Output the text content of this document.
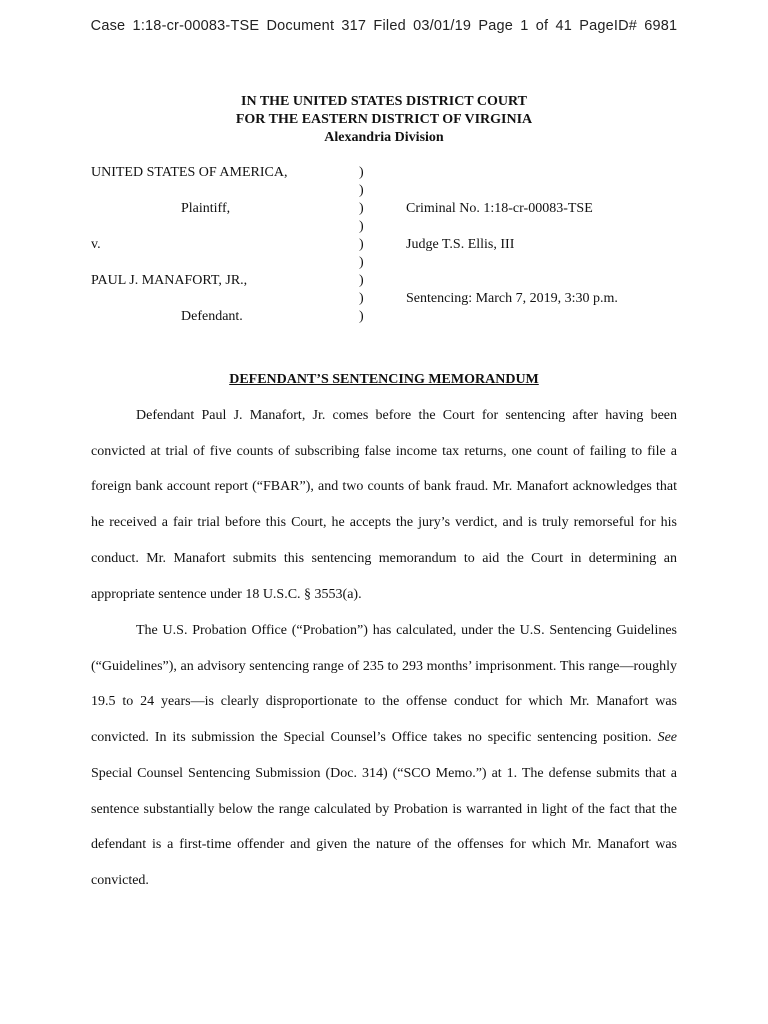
Case 1:18-cr-00083-TSE Document 317 Filed 03/01/19 Page 1 of 41 PageID# 6981
IN THE UNITED STATES DISTRICT COURT
FOR THE EASTERN DISTRICT OF VIRGINIA
Alexandria Division
UNITED STATES OF AMERICA,
Plaintiff,
v.
PAUL J. MANAFORT, JR.,
Defendant.
)
)
)
)
)
)
)
)
)
Criminal No. 1:18-cr-00083-TSE
Judge T.S. Ellis, III
Sentencing: March 7, 2019, 3:30 p.m.
DEFENDANT’S SENTENCING MEMORANDUM

Defendant Paul J. Manafort, Jr. comes before the Court for sentencing after having been convicted at trial of five counts of subscribing false income tax returns, one count of failing to file a foreign bank account report (“FBAR”), and two counts of bank fraud. Mr. Manafort acknowledges that he received a fair trial before this Court, he accepts the jury’s verdict, and is truly remorseful for his conduct. Mr. Manafort submits this sentencing memorandum to aid the Court in determining an appropriate sentence under 18 U.S.C. § 3553(a).

The U.S. Probation Office (“Probation”) has calculated, under the U.S. Sentencing Guidelines (“Guidelines”), an advisory sentencing range of 235 to 293 months’ imprisonment. This range—roughly 19.5 to 24 years—is clearly disproportionate to the offense conduct for which Mr. Manafort was convicted. In its submission the Special Counsel’s Office takes no specific sentencing position. See Special Counsel Sentencing Submission (Doc. 314) (“SCO Memo.”) at 1. The defense submits that a sentence substantially below the range calculated by Probation is warranted in light of the fact that the defendant is a first-time offender and given the nature of the offenses for which Mr. Manafort was convicted.
